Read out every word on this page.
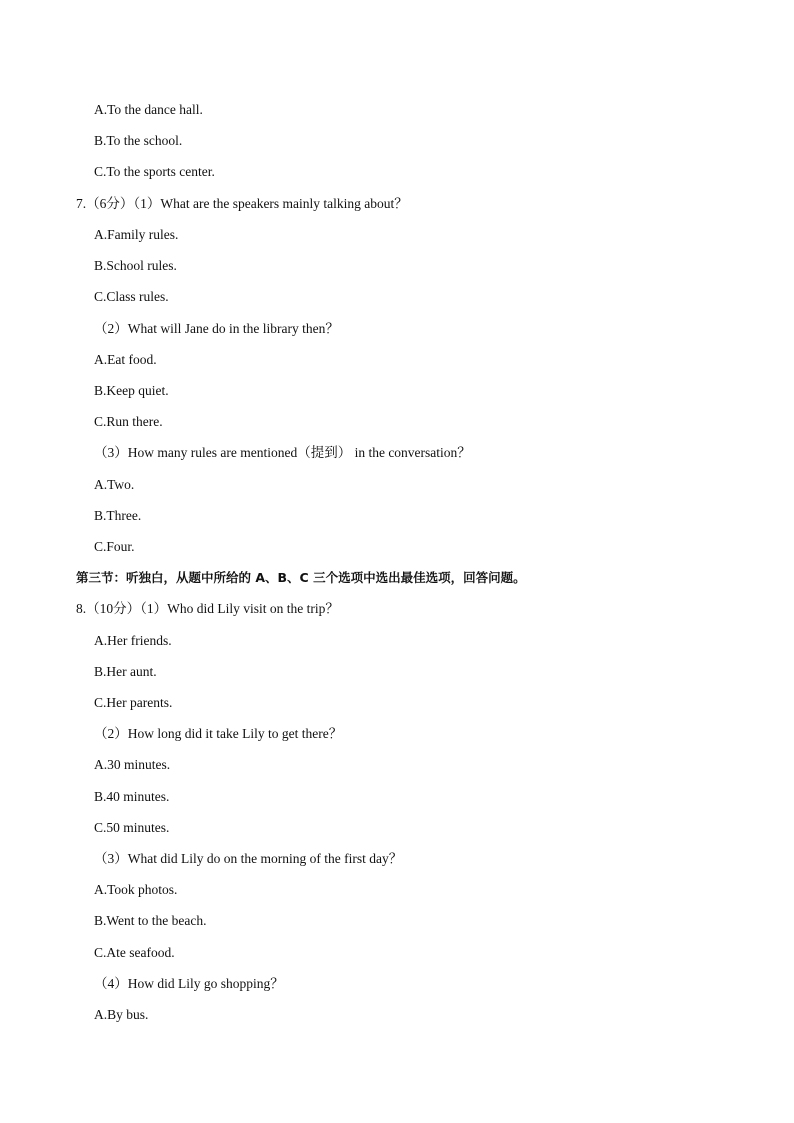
A.To the dance hall.
B.To the school.
C.To the sports center.
7.（6分）（1）What are the speakers mainly talking about？
A.Family rules.
B.School rules.
C.Class rules.
（2）What will Jane do in the library then？
A.Eat food.
B.Keep quiet.
C.Run there.
（3）How many rules are mentioned（提到） in the conversation？
A.Two.
B.Three.
C.Four.
第三节：听独白，从题中所给的 A、B、C 三个选项中选出最佳选项，回答问题。
8.（10分）（1）Who did Lily visit on the trip？
A.Her friends.
B.Her aunt.
C.Her parents.
（2）How long did it take Lily to get there？
A.30 minutes.
B.40 minutes.
C.50 minutes.
（3）What did Lily do on the morning of the first day？
A.Took photos.
B.Went to the beach.
C.Ate seafood.
（4）How did Lily go shopping？
A.By bus.
